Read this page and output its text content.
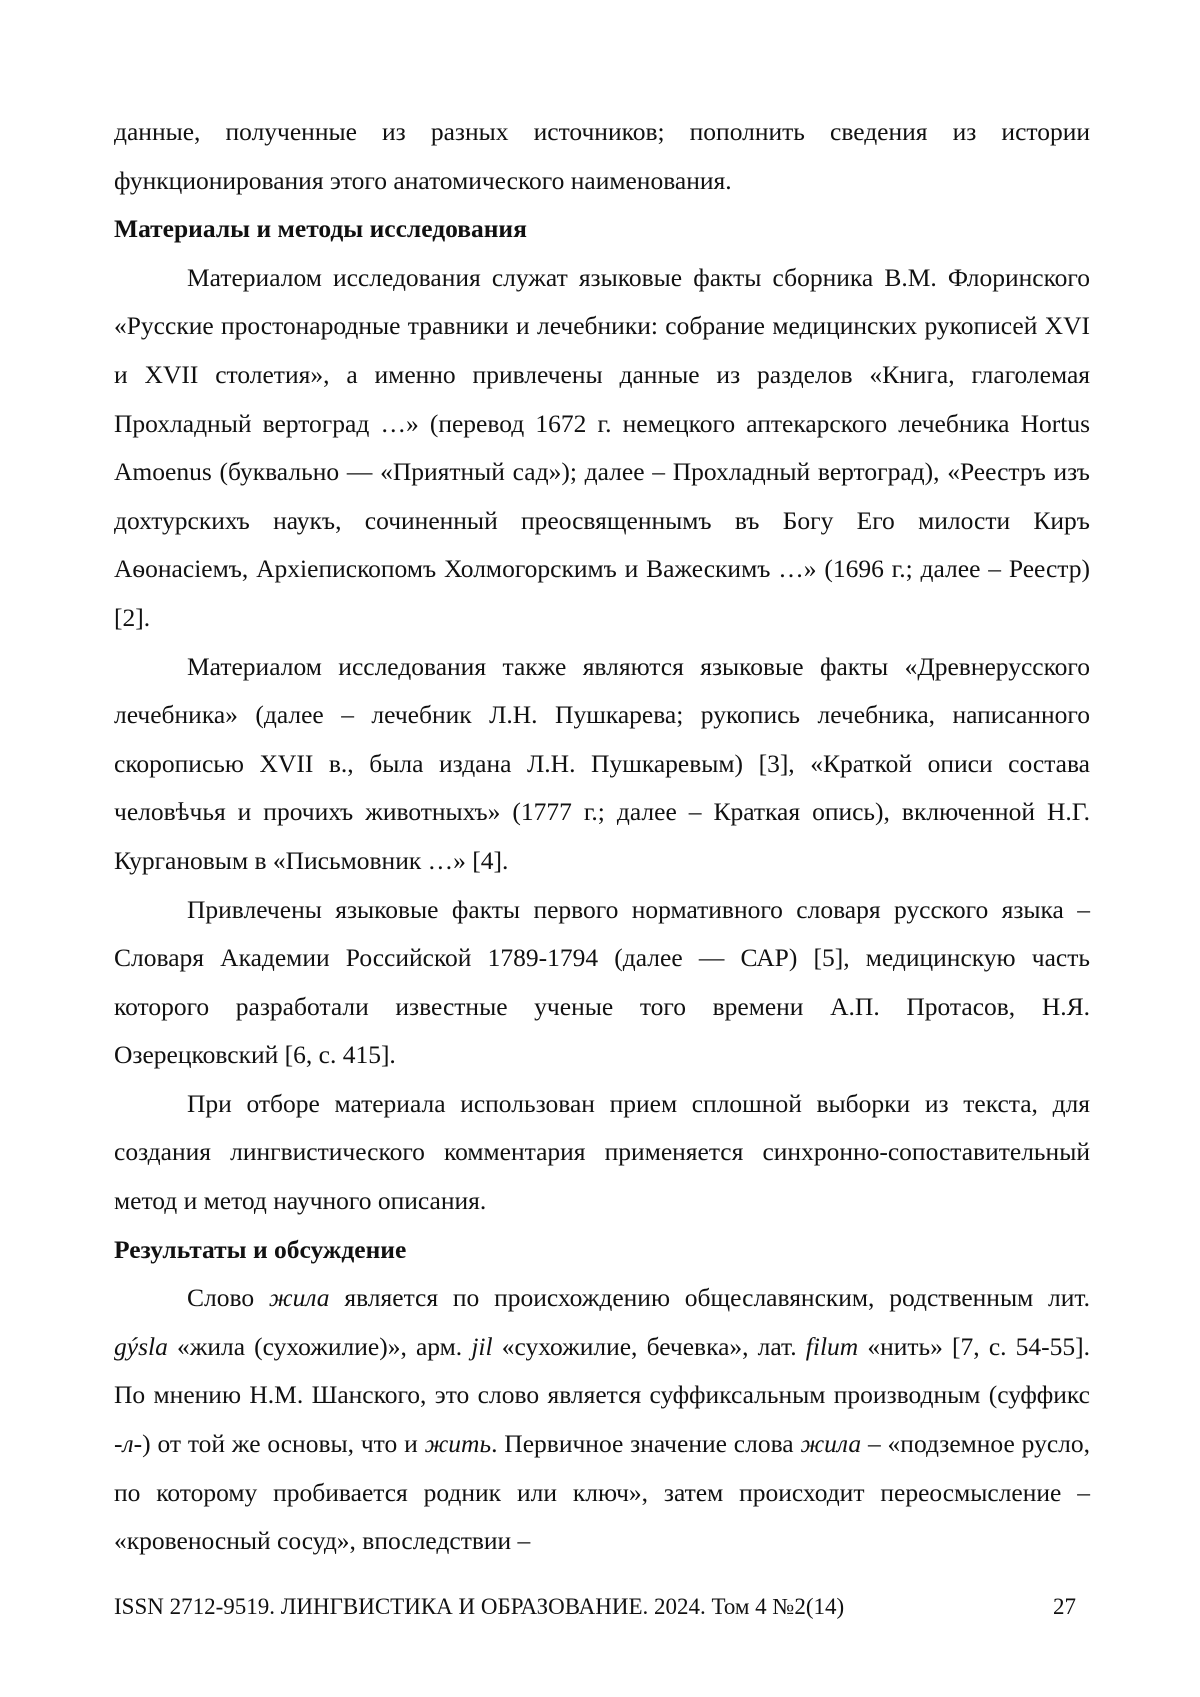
данные, полученные из разных источников; пополнить сведения из истории функционирования этого анатомического наименования.

Материалы и методы исследования

Материалом исследования служат языковые факты сборника В.М. Флоринского «Русские простонародные травники и лечебники: собрание медицинских рукописей XVI и XVII столетия», а именно привлечены данные из разделов «Книга, глаголемая Прохладный вертоград …» (перевод 1672 г. немецкого аптекарского лечебника Hortus Amoenus (буквально — «Приятный сад»); далее – Прохладный вертоград), «Реестръ изъ дохтурскихъ наукъ, сочиненный преосвященнымъ въ Богу Его милости Киръ Аѳонасіемъ, Архіепископомъ Холмогорскимъ и Важескимъ …» (1696 г.; далее – Реестр) [2].

Материалом исследования также являются языковые факты «Древнерусского лечебника» (далее – лечебник Л.Н. Пушкарева; рукопись лечебника, написанного скорописью XVII в., была издана Л.Н. Пушкаревым) [3], «Краткой описи состава человѣчья и прочихъ животныхъ» (1777 г.; далее – Краткая опись), включенной Н.Г. Кургановым в «Письмовник …» [4].

Привлечены языковые факты первого нормативного словаря русского языка – Словаря Академии Российской 1789-1794 (далее — САР) [5], медицинскую часть которого разработали известные ученые того времени А.П. Протасов, Н.Я. Озерецковский [6, с. 415].

При отборе материала использован прием сплошной выборки из текста, для создания лингвистического комментария применяется синхронно-сопоставительный метод и метод научного описания.

Результаты и обсуждение

Слово жила является по происхождению общеславянским, родственным лит. gýsla «жила (сухожилие)», арм. jil «сухожилие, бечевка», лат. filum «нить» [7, с. 54-55]. По мнению Н.М. Шанского, это слово является суффиксальным производным (суффикс -л-) от той же основы, что и жить. Первичное значение слова жила – «подземное русло, по которому пробивается родник или ключ», затем происходит переосмысление – «кровеносный сосуд», впоследствии –

ISSN 2712-9519. ЛИНГВИСТИКА И ОБРАЗОВАНИЕ. 2024. Том 4 №2(14)	27
